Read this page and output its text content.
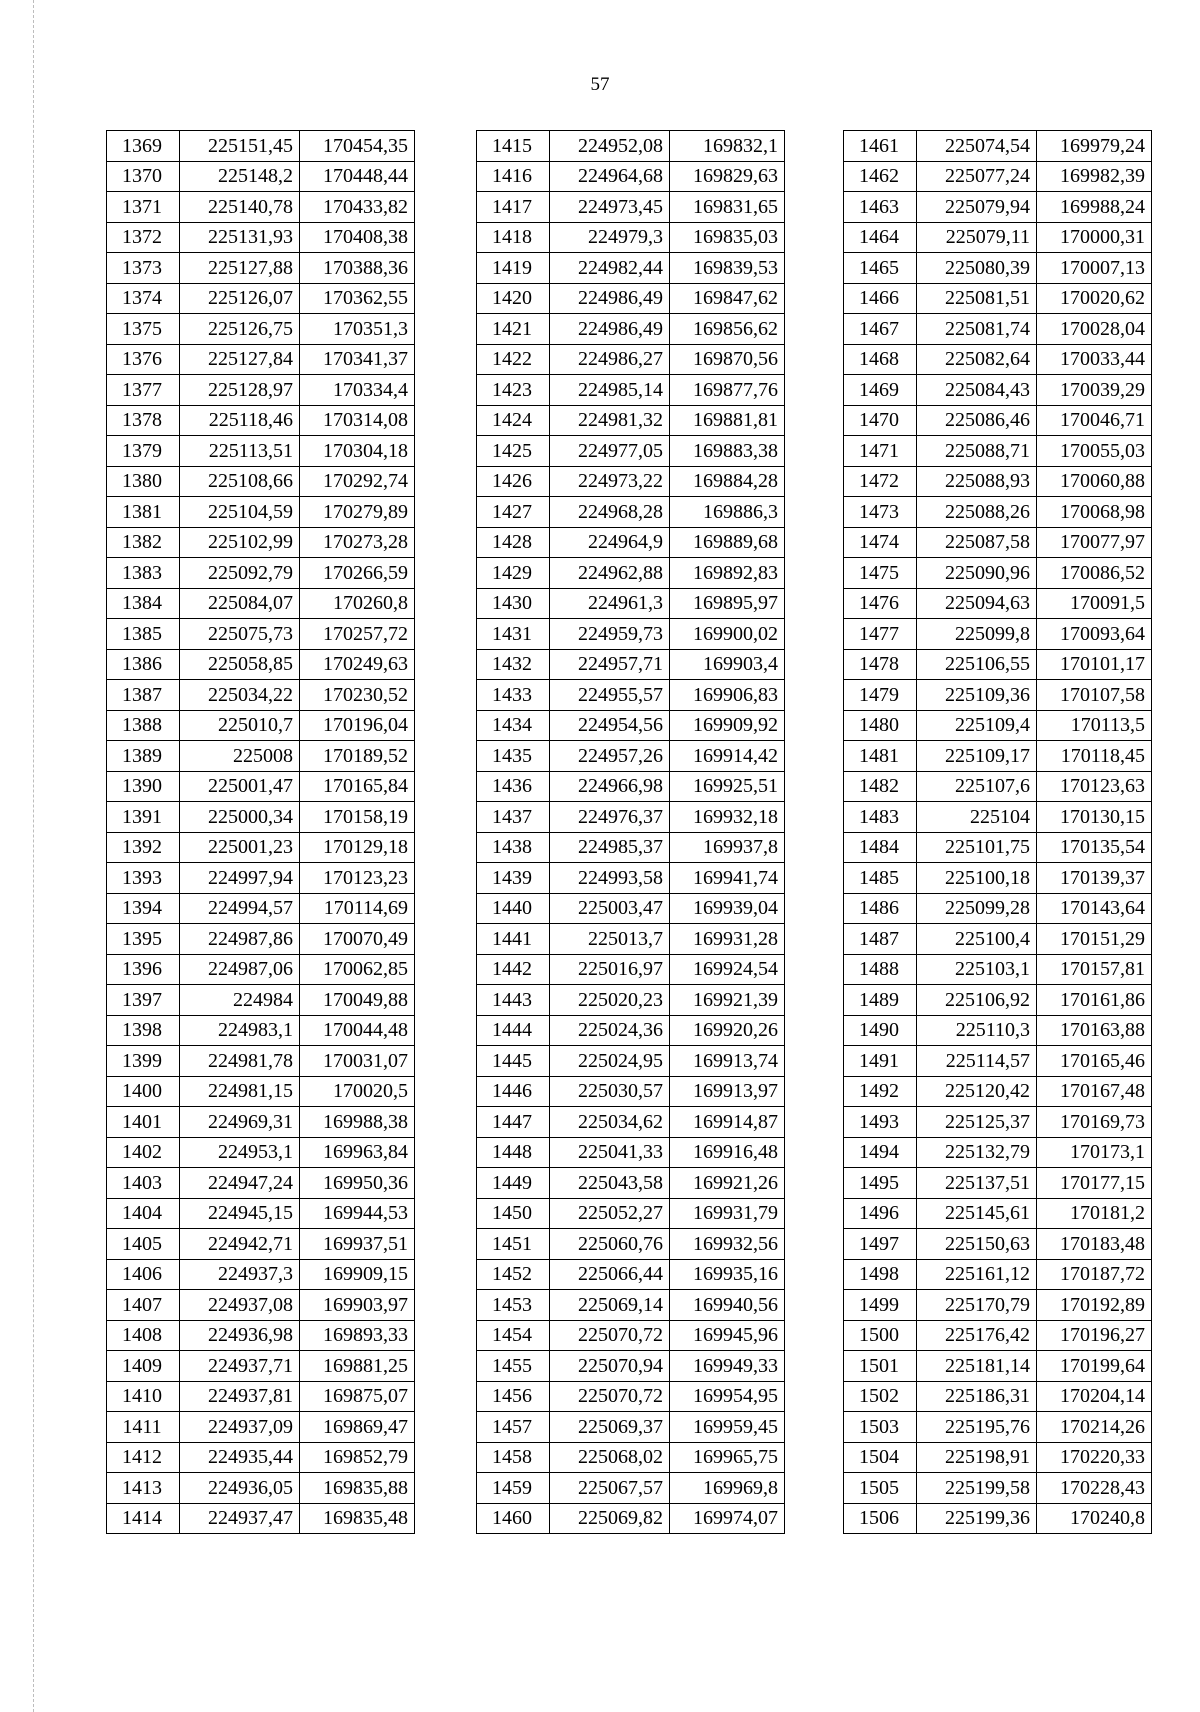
57
1369	225151,45	170454,35
1370	225148,2	170448,44
1371	225140,78	170433,82
1372	225131,93	170408,38
1373	225127,88	170388,36
1374	225126,07	170362,55
1375	225126,75	170351,3
1376	225127,84	170341,37
1377	225128,97	170334,4
1378	225118,46	170314,08
1379	225113,51	170304,18
1380	225108,66	170292,74
1381	225104,59	170279,89
1382	225102,99	170273,28
1383	225092,79	170266,59
1384	225084,07	170260,8
1385	225075,73	170257,72
1386	225058,85	170249,63
1387	225034,22	170230,52
1388	225010,7	170196,04
1389	225008	170189,52
1390	225001,47	170165,84
1391	225000,34	170158,19
1392	225001,23	170129,18
1393	224997,94	170123,23
1394	224994,57	170114,69
1395	224987,86	170070,49
1396	224987,06	170062,85
1397	224984	170049,88
1398	224983,1	170044,48
1399	224981,78	170031,07
1400	224981,15	170020,5
1401	224969,31	169988,38
1402	224953,1	169963,84
1403	224947,24	169950,36
1404	224945,15	169944,53
1405	224942,71	169937,51
1406	224937,3	169909,15
1407	224937,08	169903,97
1408	224936,98	169893,33
1409	224937,71	169881,25
1410	224937,81	169875,07
1411	224937,09	169869,47
1412	224935,44	169852,79
1413	224936,05	169835,88
1414	224937,47	169835,48
1415	224952,08	169832,1
1416	224964,68	169829,63
1417	224973,45	169831,65
1418	224979,3	169835,03
1419	224982,44	169839,53
1420	224986,49	169847,62
1421	224986,49	169856,62
1422	224986,27	169870,56
1423	224985,14	169877,76
1424	224981,32	169881,81
1425	224977,05	169883,38
1426	224973,22	169884,28
1427	224968,28	169886,3
1428	224964,9	169889,68
1429	224962,88	169892,83
1430	224961,3	169895,97
1431	224959,73	169900,02
1432	224957,71	169903,4
1433	224955,57	169906,83
1434	224954,56	169909,92
1435	224957,26	169914,42
1436	224966,98	169925,51
1437	224976,37	169932,18
1438	224985,37	169937,8
1439	224993,58	169941,74
1440	225003,47	169939,04
1441	225013,7	169931,28
1442	225016,97	169924,54
1443	225020,23	169921,39
1444	225024,36	169920,26
1445	225024,95	169913,74
1446	225030,57	169913,97
1447	225034,62	169914,87
1448	225041,33	169916,48
1449	225043,58	169921,26
1450	225052,27	169931,79
1451	225060,76	169932,56
1452	225066,44	169935,16
1453	225069,14	169940,56
1454	225070,72	169945,96
1455	225070,94	169949,33
1456	225070,72	169954,95
1457	225069,37	169959,45
1458	225068,02	169965,75
1459	225067,57	169969,8
1460	225069,82	169974,07
1461	225074,54	169979,24
1462	225077,24	169982,39
1463	225079,94	169988,24
1464	225079,11	170000,31
1465	225080,39	170007,13
1466	225081,51	170020,62
1467	225081,74	170028,04
1468	225082,64	170033,44
1469	225084,43	170039,29
1470	225086,46	170046,71
1471	225088,71	170055,03
1472	225088,93	170060,88
1473	225088,26	170068,98
1474	225087,58	170077,97
1475	225090,96	170086,52
1476	225094,63	170091,5
1477	225099,8	170093,64
1478	225106,55	170101,17
1479	225109,36	170107,58
1480	225109,4	170113,5
1481	225109,17	170118,45
1482	225107,6	170123,63
1483	225104	170130,15
1484	225101,75	170135,54
1485	225100,18	170139,37
1486	225099,28	170143,64
1487	225100,4	170151,29
1488	225103,1	170157,81
1489	225106,92	170161,86
1490	225110,3	170163,88
1491	225114,57	170165,46
1492	225120,42	170167,48
1493	225125,37	170169,73
1494	225132,79	170173,1
1495	225137,51	170177,15
1496	225145,61	170181,2
1497	225150,63	170183,48
1498	225161,12	170187,72
1499	225170,79	170192,89
1500	225176,42	170196,27
1501	225181,14	170199,64
1502	225186,31	170204,14
1503	225195,76	170214,26
1504	225198,91	170220,33
1505	225199,58	170228,43
1506	225199,36	170240,8
